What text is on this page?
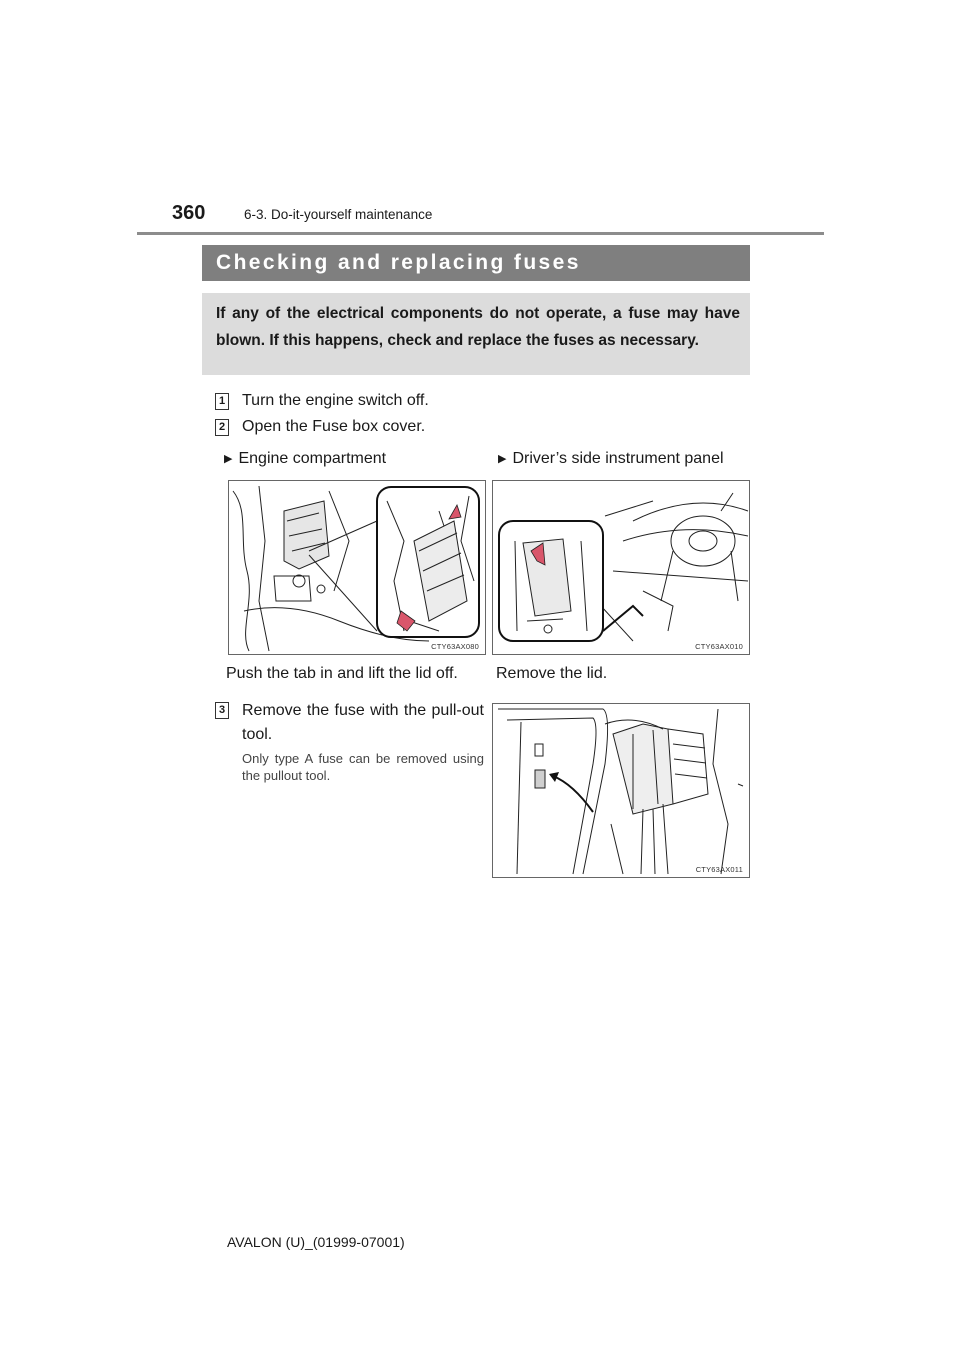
360	6-3. Do-it-yourself maintenance
Checking and replacing fuses
If any of the electrical components do not operate, a fuse may have blown. If this happens, check and replace the fuses as necessary.
1 Turn the engine switch off.
2 Open the Fuse box cover.
▶ Engine compartment	▶ Driver’s side instrument panel
CTY63AX080	CTY63AX010
Push the tab in and lift the lid off. Remove the lid.
3 Remove the fuse with the pull-out tool.
Only type A fuse can be removed using the pullout tool.
CTY63AX011
AVALON (U)_(01999-07001)
